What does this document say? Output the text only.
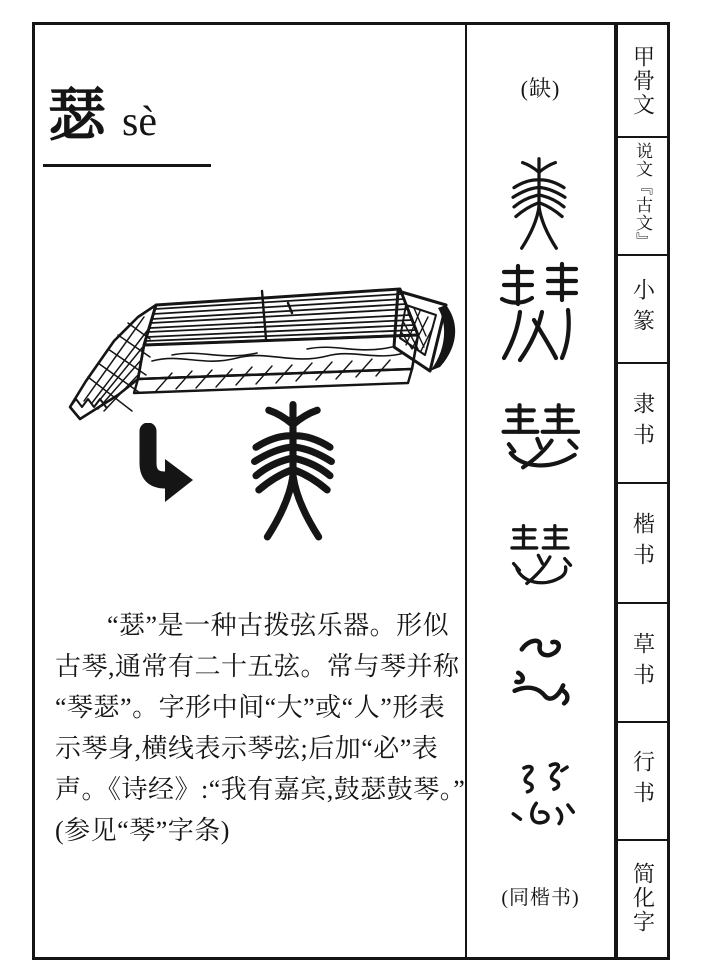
瑟 sè
“瑟”是一种古拨弦乐器。形似
古琴,通常有二十五弦。常与琴并称
“琴瑟”。字形中间“大”或“人”形表
示琴身,横线表示琴弦;后加“必”表
声。《诗经》:“我有嘉宾,鼓瑟鼓琴。”
(参见“琴”字条)
(缺)
(同楷书)
甲骨文
说文『古文』
小篆
隶书
楷书
草书
行书
简化字
